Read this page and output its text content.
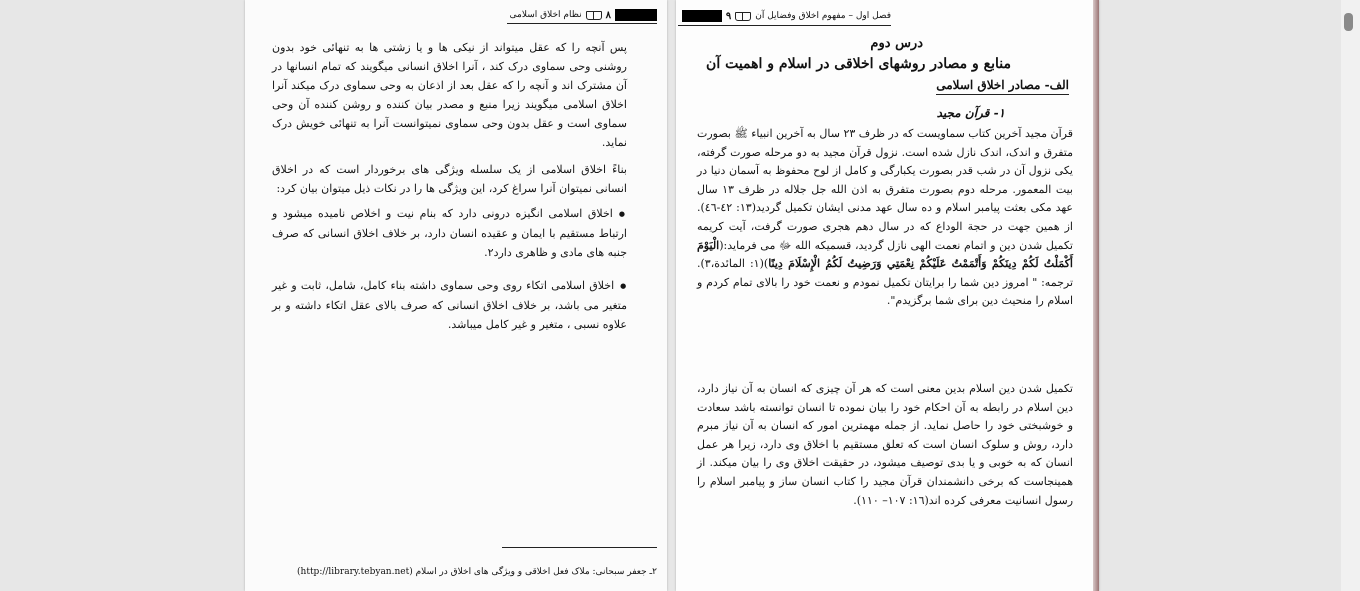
۸
نظام اخلاق اسلامی

پس آنچه را که عقل میتواند از نیکی ها و یا زشتی ها به تنهائی خود بدون روشنی وحی سماوی درک کند ، آنرا اخلاق انسانی میگویند که تمام انسانها در آن مشترک اند و آنچه را که عقل بعد از اذعان به وحی سماوی درک میکند آنرا اخلاق اسلامی میگویند زیرا منبع و مصدر بیان کننده و روشن کننده آن وحی سماوی است و عقل بدون وحی سماوی نمیتوانست آنرا به تنهائی خویش درک نماید.

بناءً اخلاق اسلامی از یک سلسله ویژگی های برخوردار است که در اخلاق انسانی نمیتوان آنرا سراغ کرد، این ویژگی ها را در نکات ذیل میتوان بیان کرد:

● اخلاق اسلامی انگیزه درونی دارد که بنام نیت و اخلاص نامیده میشود و ارتباط مستقیم با ایمان و عقیده انسان دارد، بر خلاف اخلاق انسانی که صرف جنبه های مادی و ظاهری دارد٢.

● اخلاق اسلامی اتکاء روی وحی سماوی داشته بناء کامل، شامل، ثابت و غیر متغیر می باشد، بر خلاف اخلاق انسانی که صرف بالای عقل اتکاء داشته و بر علاوه نسبی ، متغیر و غیر کامل میباشد.

٢ـ جعفر سبحانی: ملاک فعل اخلاقی و ویژگی های اخلاق در اسلام (http://library.tebyan.net)
فصل اول – مفهوم اخلاق وفضایل آن
۹
درس دوم
منابع و مصادر روشهای اخلاقی در اسلام و اهمیت آن
الف- مصادر اخلاق اسلامی
١- قرآن مجید

قرآن مجید آخرین کتاب سماویست که در ظرف ٢٣ سال به آخرین انبیاء ﷺ بصورت متفرق و اندک، اندک نازل شده است. نزول قرآن مجید به دو مرحله صورت گرفته، یکی نزول آن در شب قدر بصورت یکبارگی و کامل از لوح محفوظ به آسمان دنیا در بیت المعمور. مرحله دوم بصورت متفرق به اذن الله جل جلاله در ظرف ١٣ سال عهد مکی بعثت پیامبر اسلام و ده سال عهد مدنی ایشان تکمیل گردید(١٣: ٤٢-٤٦). از همین جهت در حجة الوداع که در سال دهم هجری صورت گرفت، آیت کریمه تکمیل شدن دین و اتمام نعمت الهی نازل گردید، قسمیکه الله ﷻ می فرماید:(الْيَوْمَ أَكْمَلْتُ لَكُمْ دِينَكُمْ وَأَتْمَمْتُ عَلَيْكُمْ نِعْمَتِي وَرَضِيتُ لَكُمُ الْإِسْلَامَ دِينًا)(١: المائدة،٣). ترجمه: " امروز دین شما را برایتان تکمیل نمودم و نعمت خود را بالای تمام کردم و اسلام را منحیث دین برای شما برگزیدم".

تکمیل شدن دین اسلام بدین معنی است که هر آن چیزی که انسان به آن نیاز دارد، دین اسلام در رابطه به آن احکام خود را بیان نموده تا انسان توانسته باشد سعادت و خوشبختی خود را حاصل نماید. از جمله مهمترین امور که انسان به آن نیاز مبرم دارد، روش و سلوک انسان است که تعلق مستقیم با اخلاق وی دارد، زیرا هر عمل انسان که به خوبی و یا بدی توصیف میشود، در حقیقت اخلاق وی را بیان میکند. از همینجاست که برخی دانشمندان قرآن مجید را کتاب انسان ساز و پیامبر اسلام را رسول انسانیت معرفی کرده اند(١٦: ١٠٧– ١١٠).
